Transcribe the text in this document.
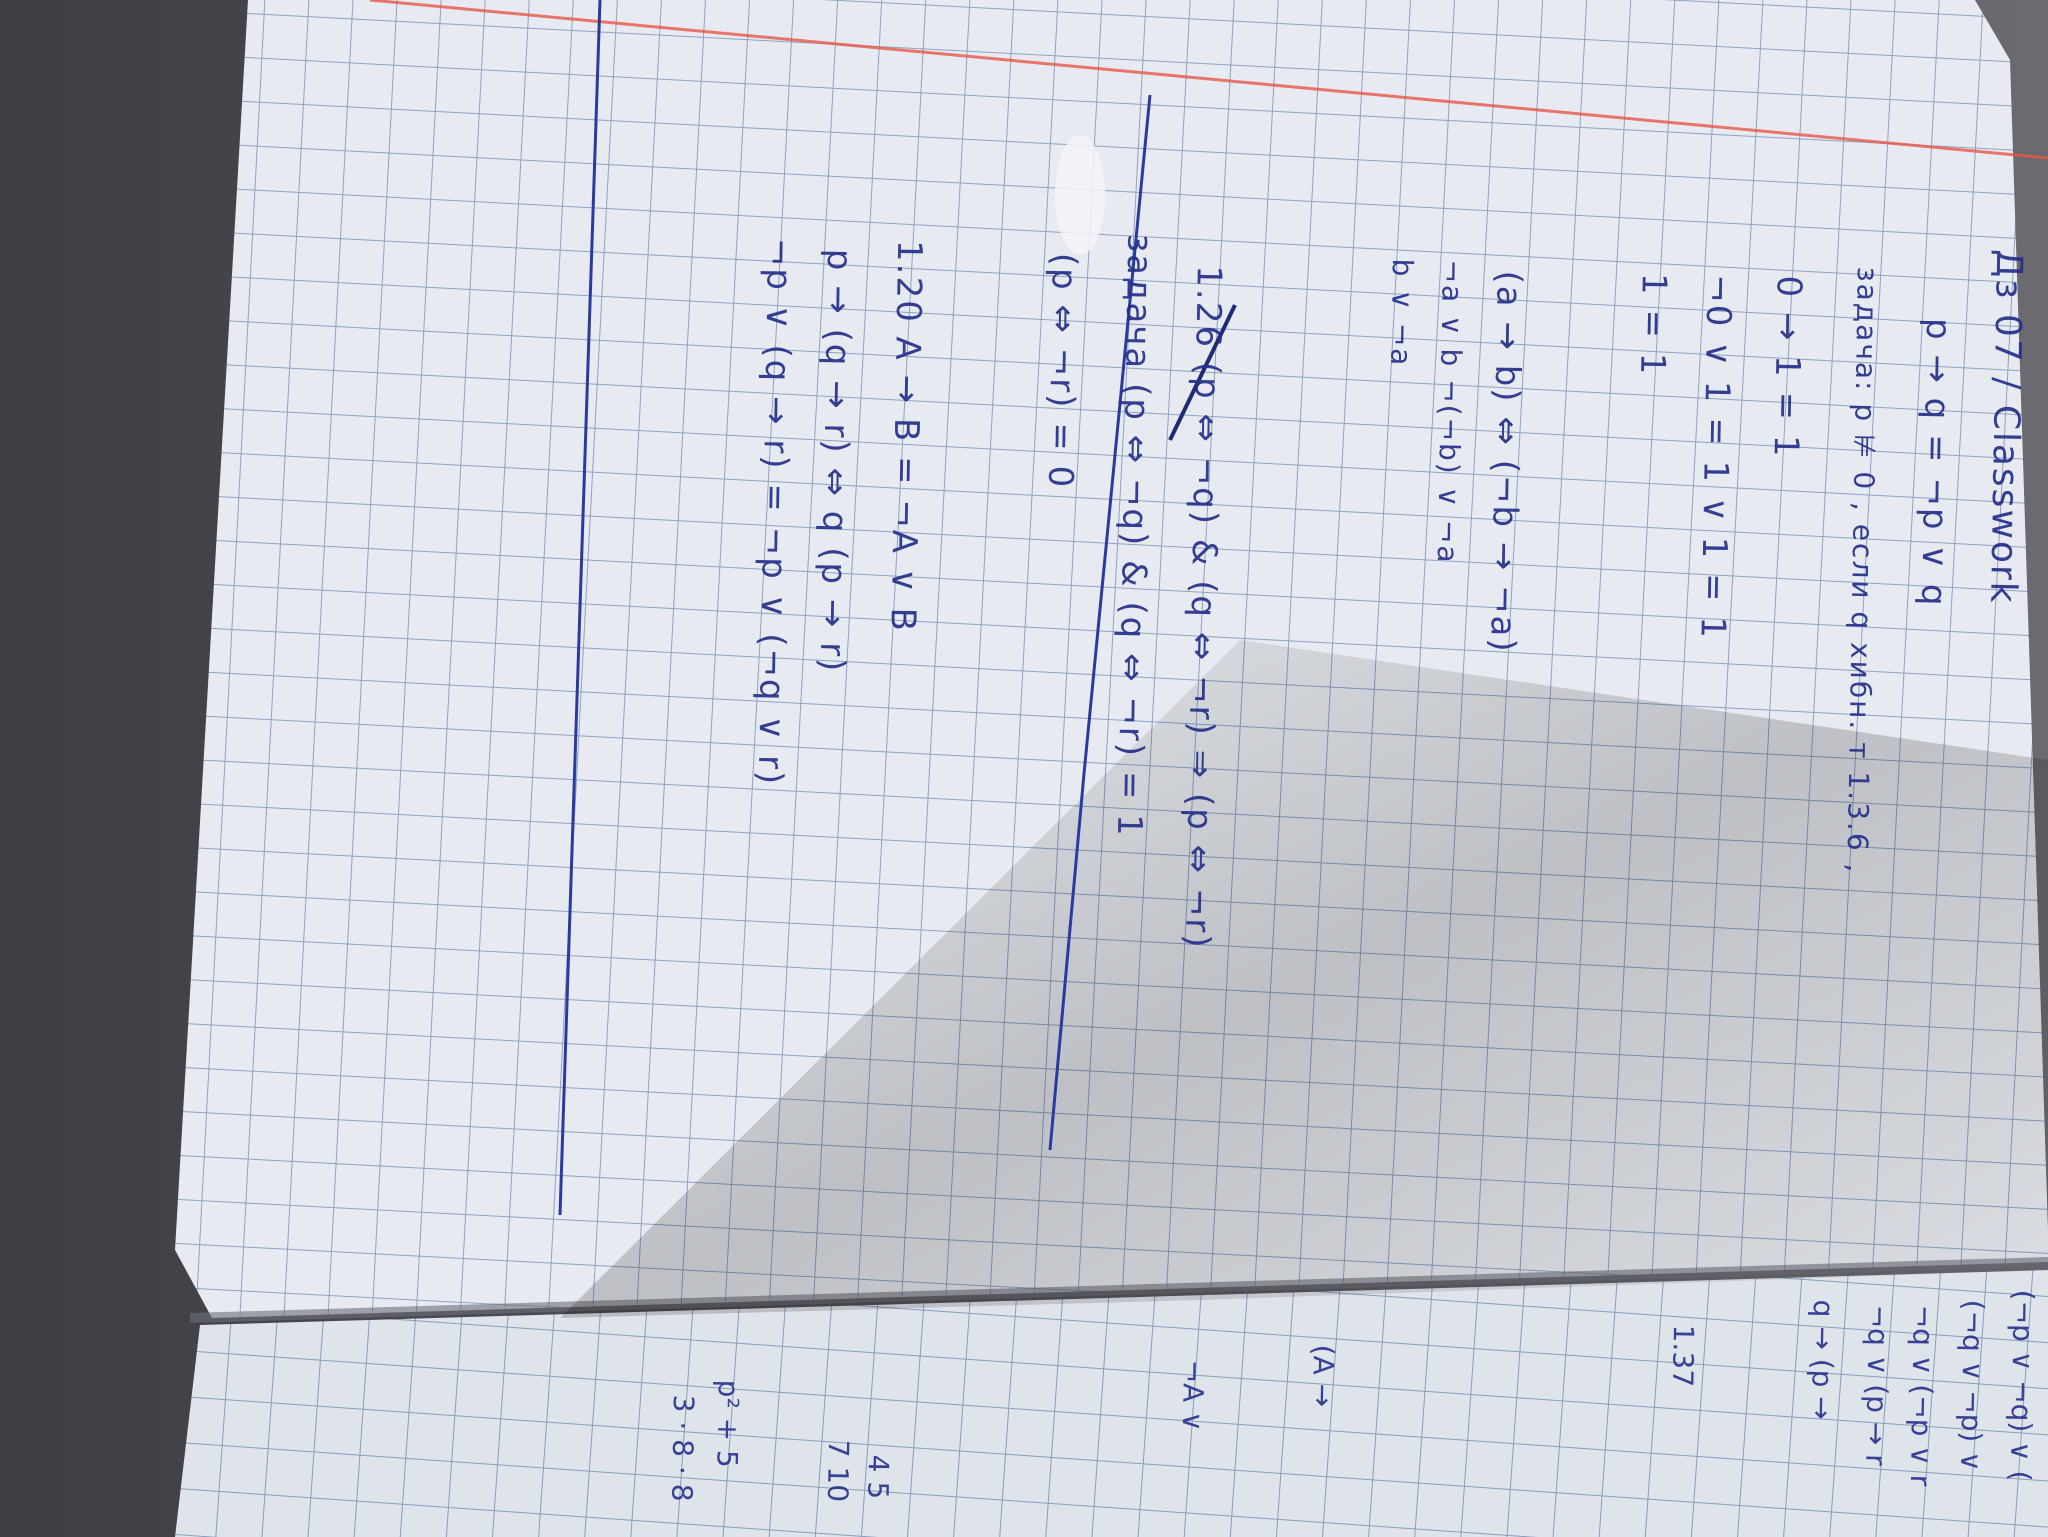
Дз 07 / Classwork
p → q = ¬p ∨ q
задача: p ⊭ 0 , если q хибн. т 1.3.6 ,
0 → 1 = 1
¬0 ∨ 1 = 1 ∨ 1 = 1
1 = 1
(a → b) ⇔ (¬b → ¬a)
¬a ∨ b ¬(¬b) ∨ ¬a
b ∨ ¬a
1.26 (p ⇔ ¬q) & (q ⇔ ¬r) ⇒ (p ⇔ ¬r)
задача (p ⇔ ¬q) & (q ⇔ ¬r) = 1
(p ⇔ ¬r) = 0
1.20 A → B = ¬A ∨ B
p → (q → r) ⇔ q (p → r)
¬p ∨ (q → r) = ¬p ∨ (¬q ∨ r)
(¬p ∨ ¬q) ∨ (
(¬q ∨ ¬p) ∨
¬q ∨ (¬p ∨ r
¬q ∨ (p → r
q → (p →
1.37
(A →
¬A ∨
4 5
7 10
p² + 5
3 · 8 · 8
